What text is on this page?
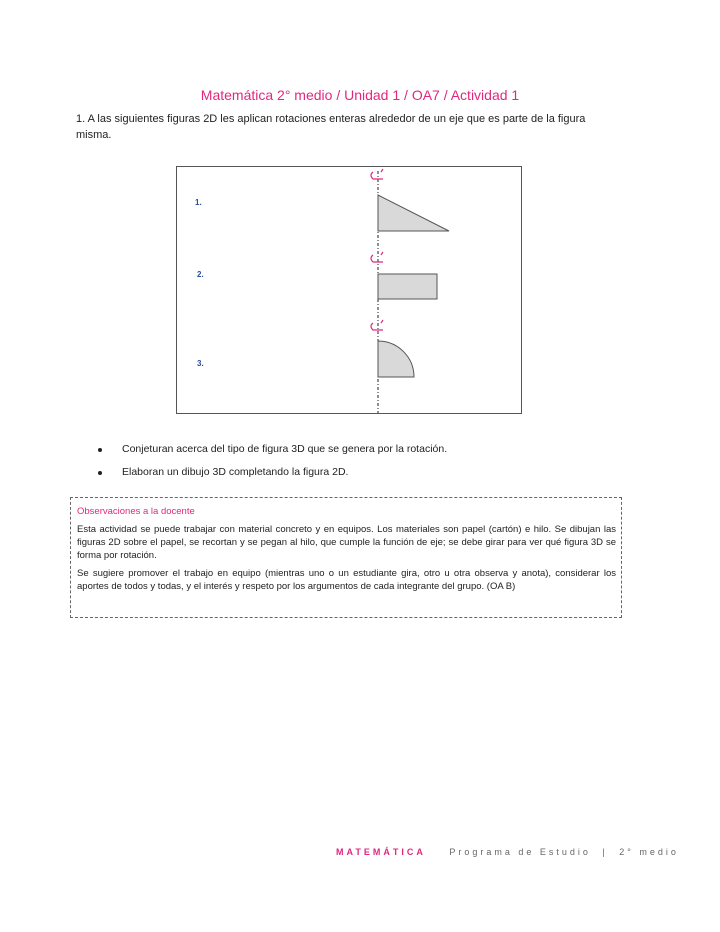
Matemática 2° medio / Unidad 1 / OA7 / Actividad 1
1. A las siguientes figuras 2D les aplican rotaciones enteras alrededor de un eje que es parte de la figura misma.
1.
2.
3.
Conjeturan acerca del tipo de figura 3D que se genera por la rotación.
Elaboran un dibujo 3D completando la figura 2D.
Observaciones a la docente

Esta actividad se puede trabajar con material concreto y en equipos. Los materiales son papel (cartón) e hilo. Se dibujan las figuras 2D sobre el papel, se recortan y se pegan al hilo, que cumple la función de eje; se debe girar para ver qué figura 3D se forma por rotación.

Se sugiere promover el trabajo en equipo (mientras uno o un estudiante gira, otro u otra observa y anota), considerar los aportes de todos y todas, y el interés y respeto por los argumentos de cada integrante del grupo. (OA B)

MATEMÁTICA	Programa de Estudio | 2° medio
